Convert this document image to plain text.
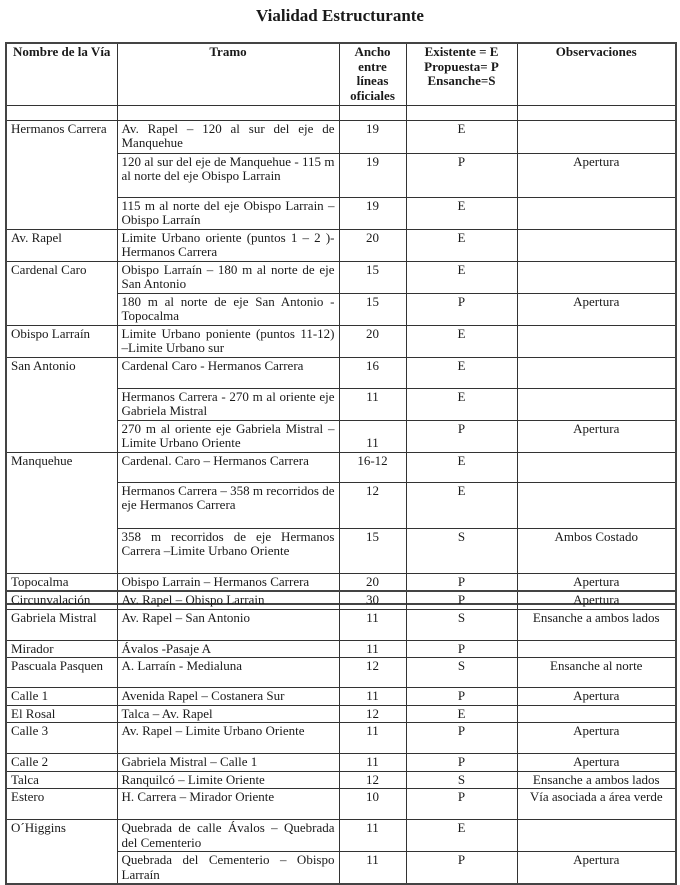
Vialidad Estructurante
Nombre de la Vía	Tramo	Ancho entre líneas oficiales	Existente = E Propuesta= P Ensanche=S	Observaciones

Hermanos Carrera	Av. Rapel – 120 al sur del eje de Manquehue	19	E	
	120 al sur del eje de Manquehue - 115 m al norte del eje Obispo Larrain	19	P	Apertura
	115 m al norte del eje Obispo Larrain – Obispo Larraín	19	E	
Av. Rapel	Limite Urbano oriente (puntos 1 – 2 )-Hermanos Carrera	20	E	
Cardenal Caro	Obispo Larraín – 180 m al norte de eje San Antonio	15	E	
	180 m al norte de eje San Antonio - Topocalma	15	P	Apertura
Obispo Larraín	Limite Urbano poniente (puntos 11-12) –Limite Urbano sur	20	E	
San Antonio	Cardenal Caro - Hermanos Carrera	16	E	
	Hermanos Carrera - 270 m al oriente eje Gabriela Mistral	11	E	
	270 m al oriente eje Gabriela Mistral – Limite Urbano Oriente	11	P	Apertura
Manquehue	Cardenal. Caro – Hermanos Carrera	16-12	E	
	Hermanos Carrera – 358 m recorridos de eje Hermanos Carrera	12	E	
	358 m recorridos de eje Hermanos Carrera –Limite Urbano Oriente	15	S	Ambos Costado
Topocalma	Obispo Larrain – Hermanos Carrera	20	P	Apertura
Circunvalación	Av. Rapel – Obispo Larrain	30	P	Apertura
Gabriela Mistral	Av. Rapel – San Antonio	11	S	Ensanche a ambos lados
Mirador	Ávalos -Pasaje A	11	P	
Pascuala Pasquen	A. Larraín - Medialuna	12	S	Ensanche al norte
Calle 1	Avenida Rapel – Costanera Sur	11	P	Apertura
El Rosal	Talca – Av. Rapel	12	E	
Calle 3	Av. Rapel – Limite Urbano Oriente	11	P	Apertura
Calle 2	Gabriela Mistral – Calle 1	11	P	Apertura
Talca	Ranquilcó – Limite Oriente	12	S	Ensanche a ambos lados
Estero	H. Carrera – Mirador Oriente	10	P	Vía asociada a área verde
O´Higgins	Quebrada de calle Ávalos – Quebrada del Cementerio	11	E	
	Quebrada del Cementerio – Obispo Larraín	11	P	Apertura
